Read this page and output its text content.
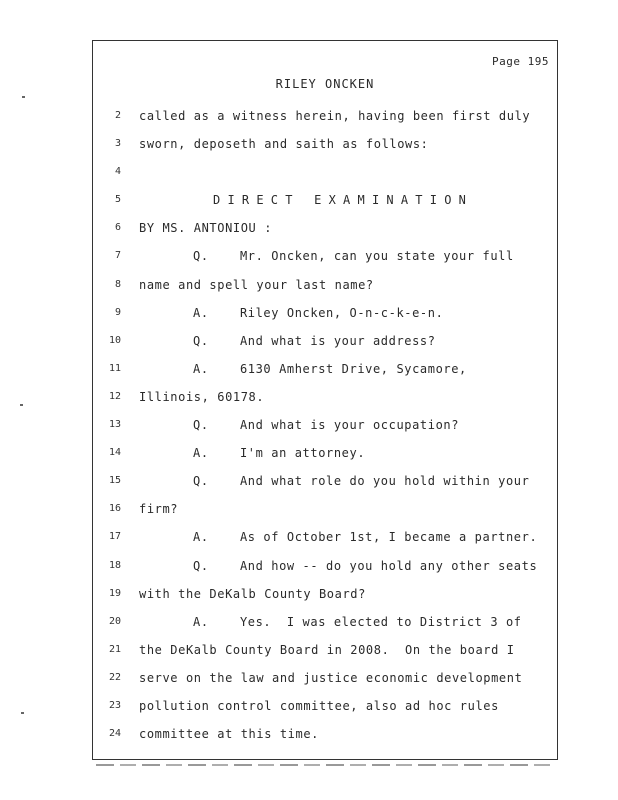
Page 195
RILEY ONCKEN
2 called as a witness herein, having been first duly
3 sworn, deposeth and saith as follows:
4
5	D I R E C T   E X A M I N A T I O N
6 BY MS. ANTONIOU :
7	Q.    Mr. Oncken, can you state your full
8 name and spell your last name?
9	A.    Riley Oncken, O-n-c-k-e-n.
10	Q.    And what is your address?
11	A.    6130 Amherst Drive, Sycamore,
12 Illinois, 60178.
13	Q.    And what is your occupation?
14	A.    I'm an attorney.
15	Q.    And what role do you hold within your
16 firm?
17	A.    As of October 1st, I became a partner.
18	Q.    And how -- do you hold any other seats
19 with the DeKalb County Board?
20	A.    Yes.  I was elected to District 3 of
21 the DeKalb County Board in 2008.  On the board I
22 serve on the law and justice economic development
23 pollution control committee, also ad hoc rules
24 committee at this time.
